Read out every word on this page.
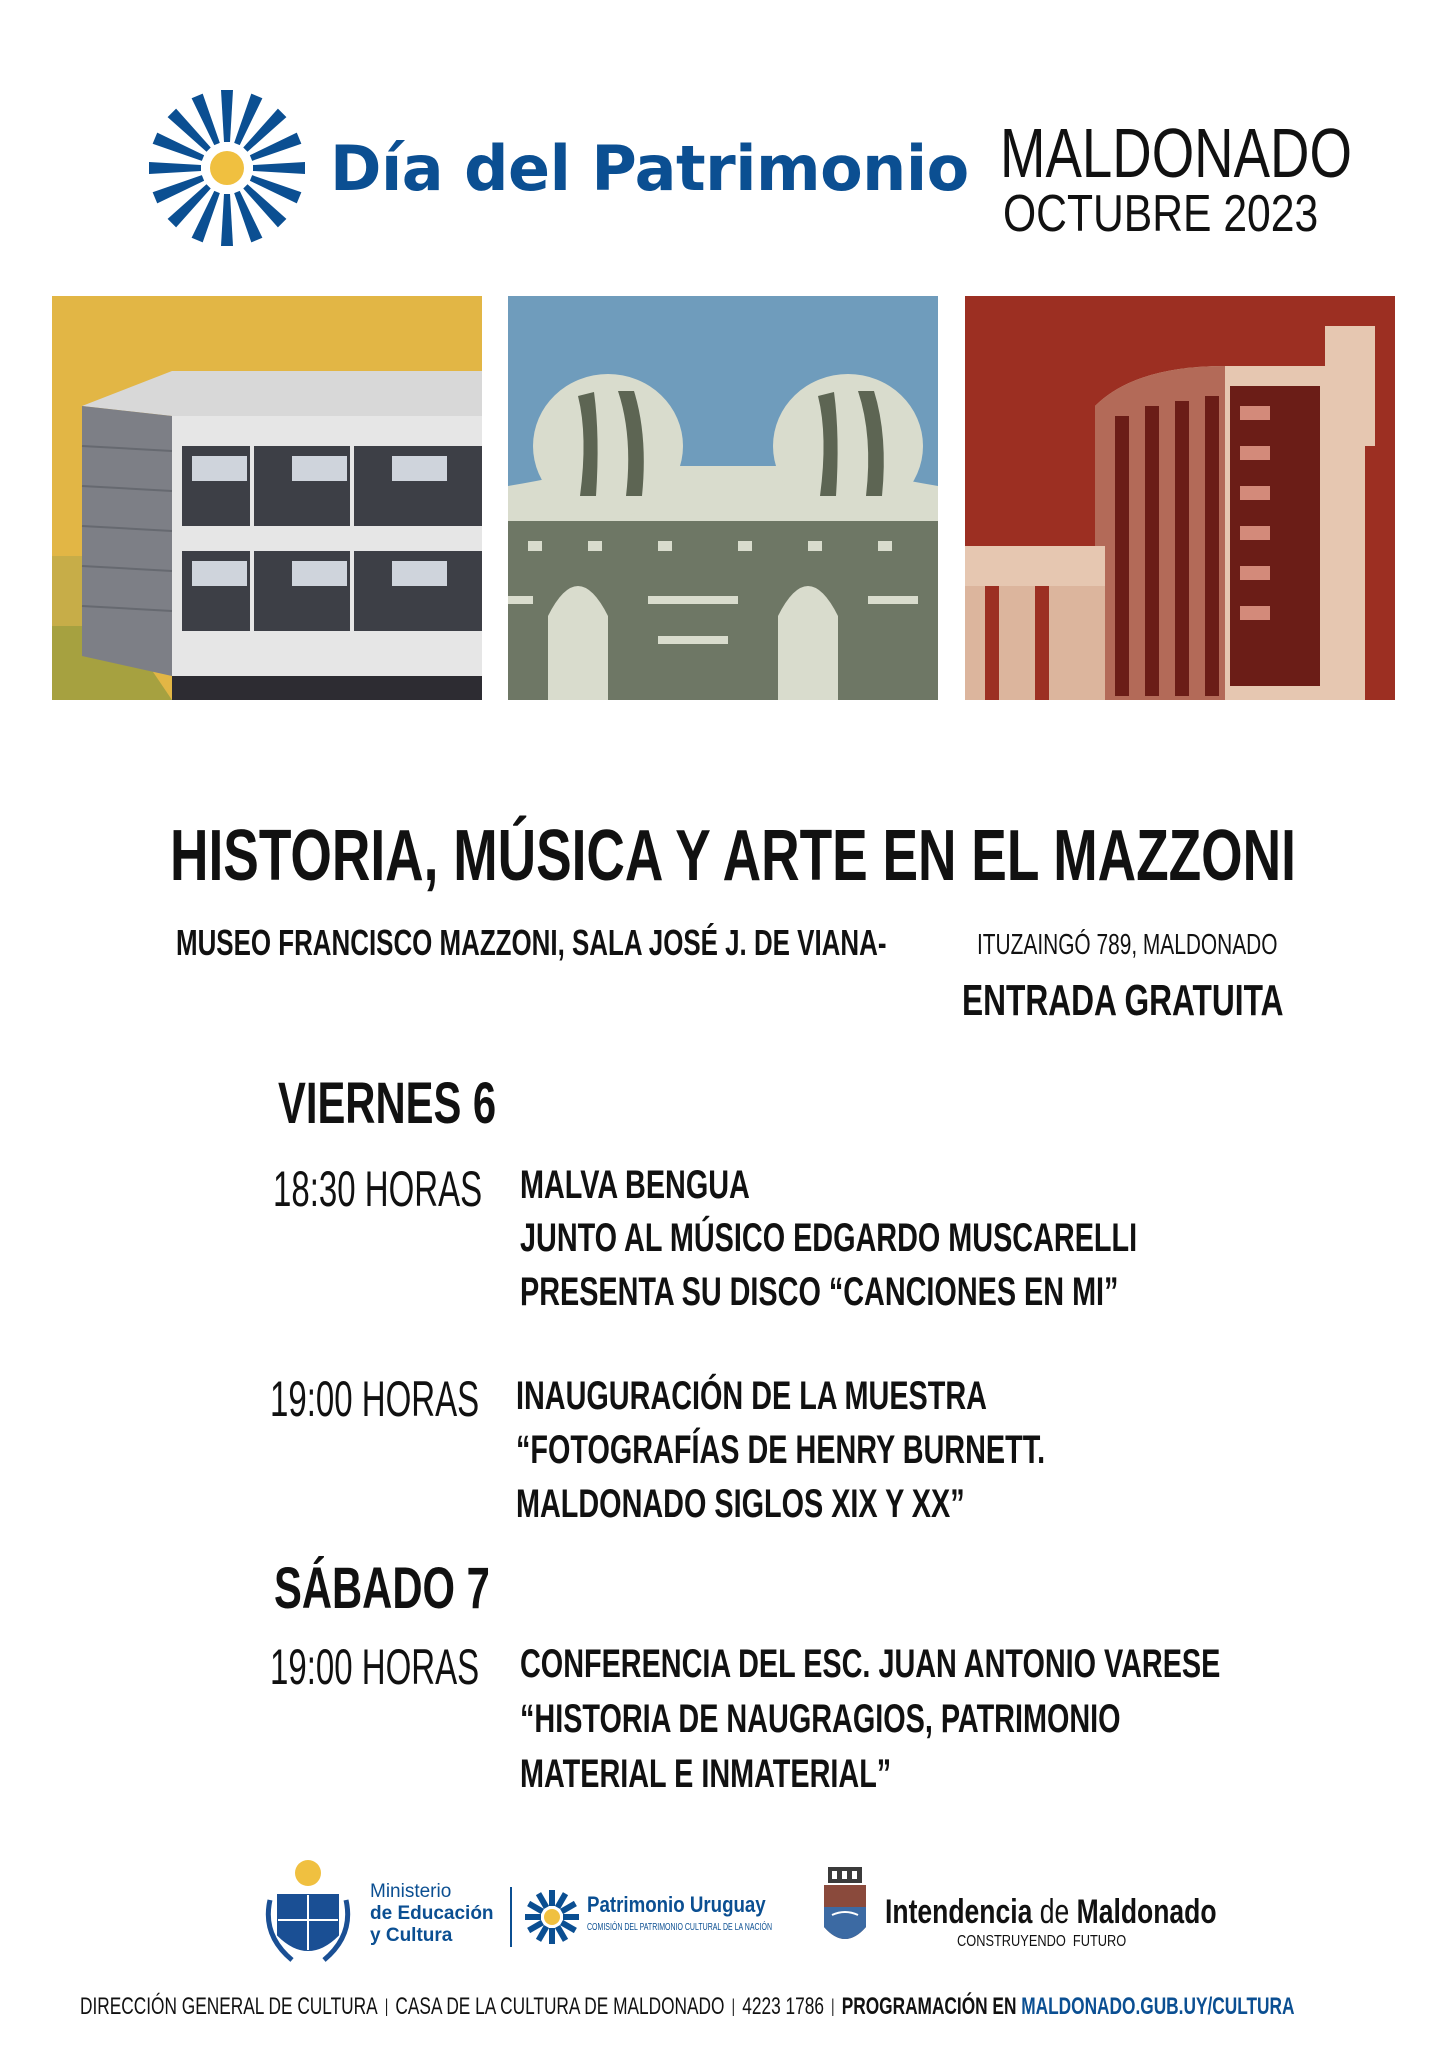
Día del Patrimonio MALDONADO
OCTUBRE 2023
HISTORIA, MÚSICA Y ARTE EN EL MAZZONI
MUSEO FRANCISCO MAZZONI, SALA JOSÉ J. DE VIANA-	ITUZAINGÓ 789, MALDONADO
ENTRADA GRATUITA
VIERNES 6
18:30 HORAS MALVA BENGUA
JUNTO AL MÚSICO EDGARDO MUSCARELLI
PRESENTA SU DISCO “CANCIONES EN MI”
19:00 HORAS INAUGURACIÓN DE LA MUESTRA
“FOTOGRAFÍAS DE HENRY BURNETT.
MALDONADO SIGLOS XIX Y XX”
SÁBADO 7
19:00 HORAS CONFERENCIA DEL ESC. JUAN ANTONIO VARESE
“HISTORIA DE NAUGRAGIOS, PATRIMONIO
MATERIAL E INMATERIAL”
Ministerio
de Educación
y Cultura
Patrimonio Uruguay
COMISIÓN DEL PATRIMONIO CULTURAL DE LA NACIÓN	Intendencia de Maldonado
CONSTRUYENDO  FUTURO
DIRECCIÓN GENERAL DE CULTURA | CASA DE LA CULTURA DE MALDONADO | 4223 1786 | PROGRAMACIÓN EN MALDONADO.GUB.UY/CULTURA
